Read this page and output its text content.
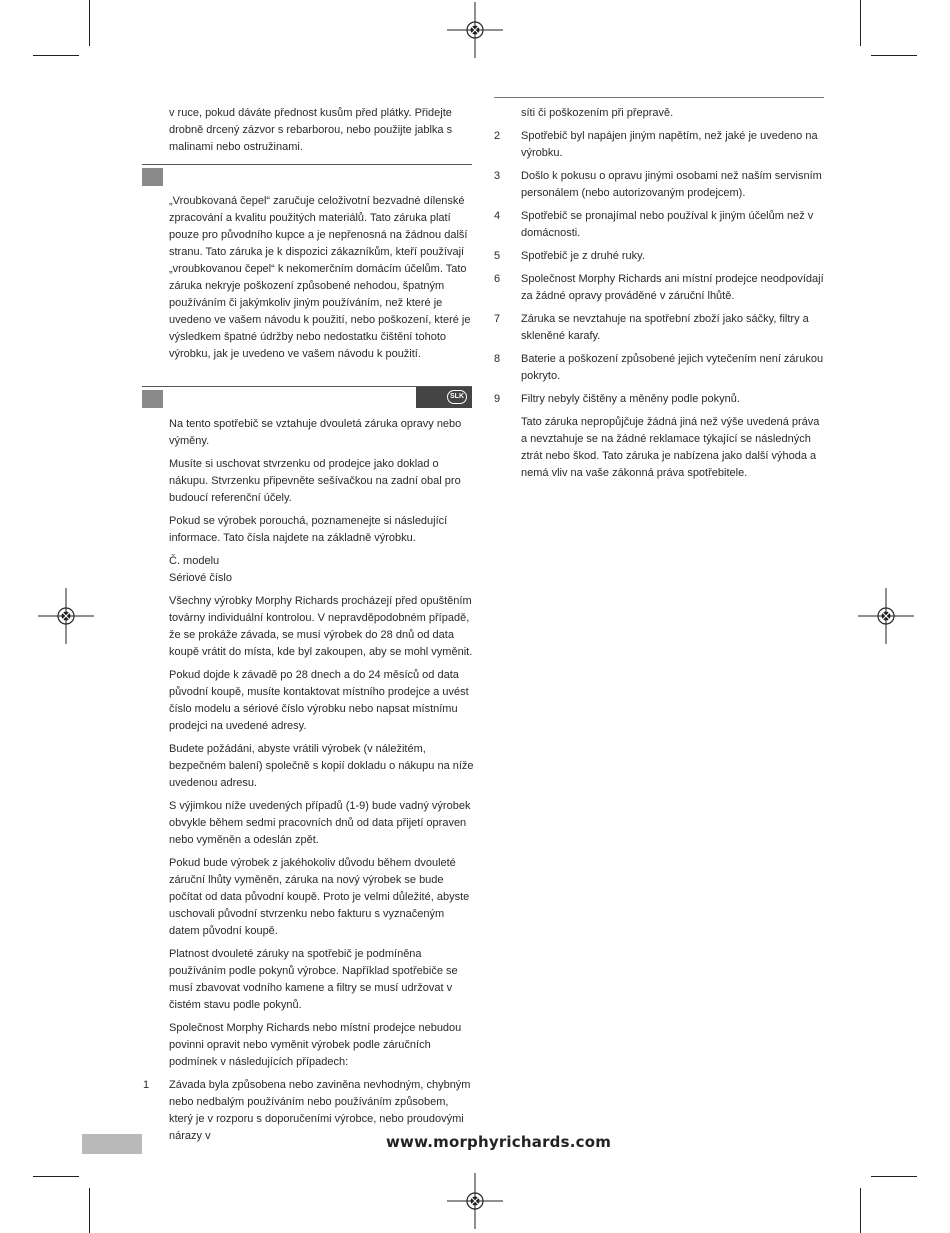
v ruce, pokud dáváte přednost kusům před plátky. Přidejte drobně drcený zázvor s rebarborou, nebo použijte jablka s malinami nebo ostružinami.

„Vroubkovaná čepel“ zaručuje celoživotní bezvadné dílenské zpracování a kvalitu použitých materiálů. Tato záruka platí pouze pro původního kupce a je nepřenosná na žádnou další stranu. Tato záruka je k dispozici zákazníkům, kteří používají „vroubkovanou čepel“ k nekomerčním domácím účelům. Tato záruka nekryje poškození způsobené nehodou, špatným používáním či jakýmkoliv jiným používáním, než které je uvedeno ve vašem návodu k použití, nebo poškození, které je výsledkem špatné údržby nebo nedostatku čištění tohoto výrobku, jak je uvedeno ve vašem návodu k použití.

SLK

Na tento spotřebič se vztahuje dvouletá záruka opravy nebo výměny.

Musíte si uschovat stvrzenku od prodejce jako doklad o nákupu. Stvrzenku připevněte sešívačkou na zadní obal pro budoucí referenční účely.

Pokud se výrobek porouchá, poznamenejte si následující informace. Tato čísla najdete na základně výrobku.

Č. modelu
Sériové číslo

Všechny výrobky Morphy Richards procházejí před opuštěním továrny individuální kontrolou. V nepravděpodobném případě, že se prokáže závada, se musí výrobek do 28 dnů od data koupě vrátit do místa, kde byl zakoupen, aby se mohl vyměnit.

Pokud dojde k závadě po 28 dnech a do 24 měsíců od data původní koupě, musíte kontaktovat místního prodejce a uvést číslo modelu a sériové číslo výrobku nebo napsat místnímu prodejci na uvedené adresy.

Budete požádáni, abyste vrátili výrobek (v náležitém, bezpečném balení) společně s kopií dokladu o nákupu na níže uvedenou adresu.

S výjimkou níže uvedených případů (1-9) bude vadný výrobek obvykle během sedmi pracovních dnů od data přijetí opraven nebo vyměněn a odeslán zpět.

Pokud bude výrobek z jakéhokoliv důvodu během dvouleté záruční lhůty vyměněn, záruka na nový výrobek se bude počítat od data původní koupě. Proto je velmi důležité, abyste uschovali původní stvrzenku nebo fakturu s vyznačeným datem původní koupě.

Platnost dvouleté záruky na spotřebič je podmíněna používáním podle pokynů výrobce. Například spotřebiče se musí zbavovat vodního kamene a filtry se musí udržovat v čistém stavu podle pokynů.

Společnost Morphy Richards nebo místní prodejce nebudou povinni opravit nebo vyměnit výrobek podle záručních podmínek v následujících případech:

1 Závada byla způsobena nebo zaviněna nevhodným, chybným nebo nedbalým používáním nebo používáním způsobem, který je v rozporu s doporučeními výrobce, nebo proudovými nárazy v

síti či poškozením při přepravě.

2 Spotřebič byl napájen jiným napětím, než jaké je uvedeno na výrobku.
3 Došlo k pokusu o opravu jinými osobami než naším servisním personálem (nebo autorizovaným prodejcem).
4 Spotřebič se pronajímal nebo používal k jiným účelům než v domácnosti.
5 Spotřebič je z druhé ruky.
6 Společnost Morphy Richards ani místní prodejce neodpovídají za žádné opravy prováděné v záruční lhůtě.
7 Záruka se nevztahuje na spotřební zboží jako sáčky, filtry a skleněné karafy.
8 Baterie a poškození způsobené jejich vytečením není zárukou pokryto.
9 Filtry nebyly čištěny a měněny podle pokynů.

Tato záruka nepropůjčuje žádná jiná než výše uvedená práva a nevztahuje se na žádné reklamace týkající se následných ztrát nebo škod. Tato záruka je nabízena jako další výhoda a nemá vliv na vaše zákonná práva spotřebitele.

www.morphyrichards.com
